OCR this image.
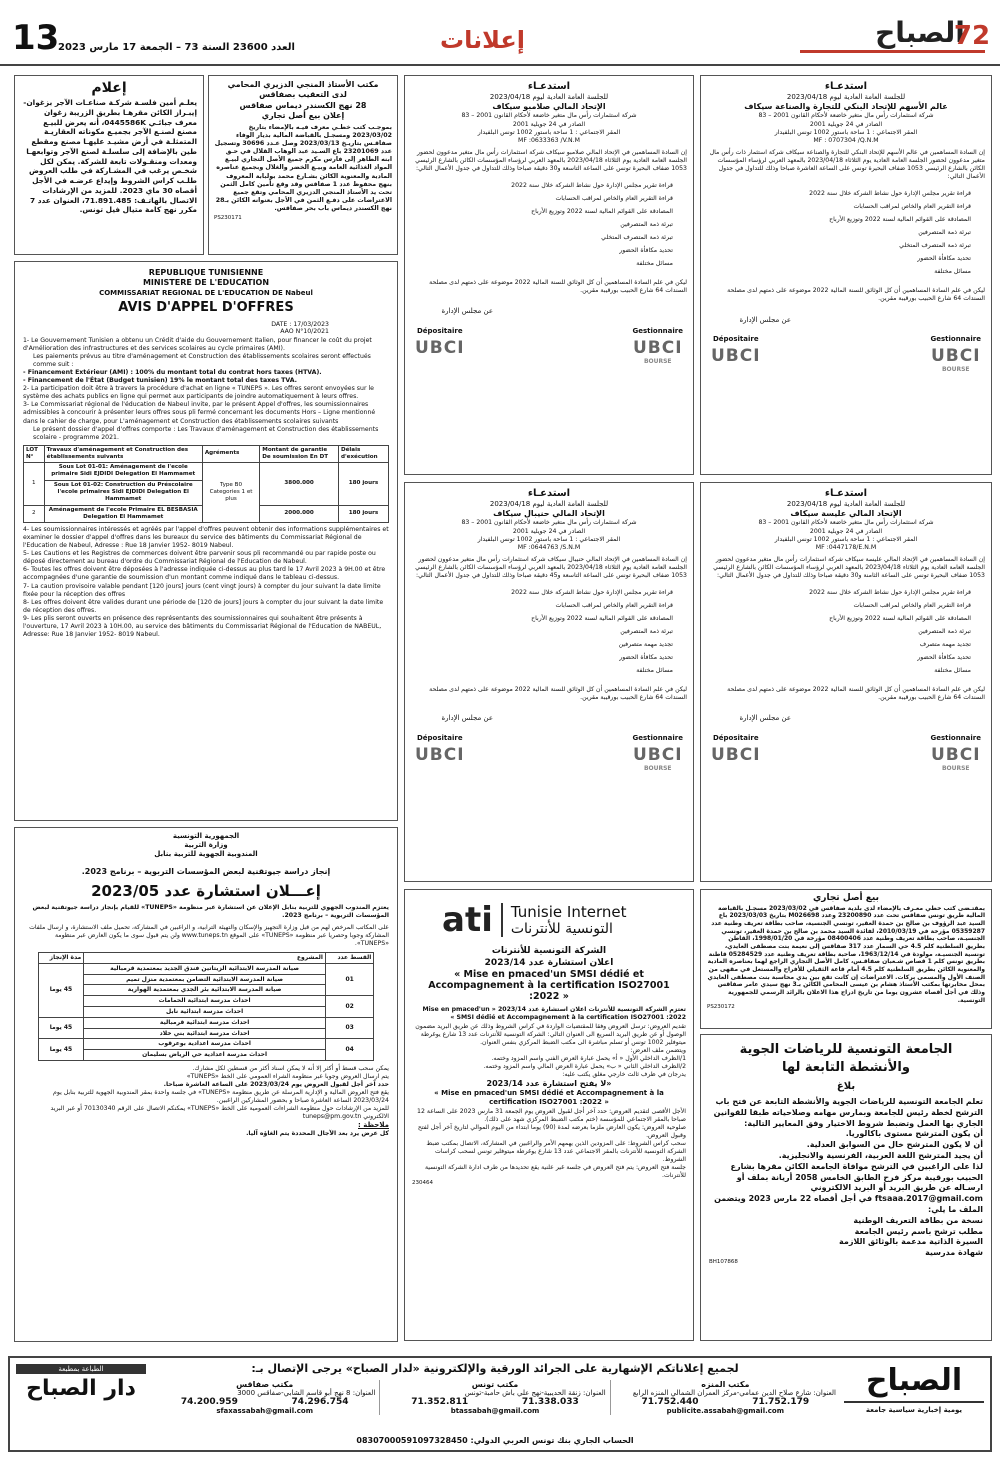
13
العدد 23600 السنة 73 – الجمعة 17 مارس 2023	إعلانات	الصباح
72
استدعـاء
للجلسة العامة العادية ليوم 2023/04/18
عالم الأسهم للإتحاد البنكي للتجارة والصناعة سيكاف
شركة استثمارات رأس مال متغير خاضعة لأحكام القانون 2001 – 83
الصادر في 24 جويلية 2001
المقر الاجتماعي : 1 ساحة باستور 1002 تونس البلفيدار
MF : 0707304 /Q.N.M
إن السادة المساهمين في عالم الأسهم للإتحاد البنكي للتجارة والصناعة سيكاف شركة استثمار ذات رأس مال متغير مدعوون لحضور الجلسة العامة العادية يوم الثلاثاء 2023/04/18 بالمعهد العربي لرؤساء المؤسسات الكائن بالشارع الرئيسي 1053 ضفاف البحيرة تونس على الساعة العاشرة صباحا وذلك للتداول في جدول الأعمال التالي:
قراءة تقرير مجلس الإدارة حول نشاط الشركة خلال سنة 2022
قراءة التقرير العام والخاص لمراقب الحسابات
المصادقة على القوائم المالية لسنة 2022 وتوزيع الأرباح
تبرئة ذمة المتصرفين
تبرئة ذمة المتصرف المتخلي
تحديد مكافأة الحضور
مسائل مختلفة
ليكن في علم السادة المساهمين أن كل الوثائق للسنة المالية 2022 موضوعة على ذمتهم لدى مصلحة السندات 64 شارع الحبيب بورقيبة مقرين.
عن مجلس الإدارة
Dépositaire
UBCI
Gestionnaire
UBCI
BOURSE
استدعـاء
للجلسة العامة العادية ليوم 2023/04/18
الإتحاد المالي صلامبو سيكاف
شركة استثمارات رأس مال متغير خاضعة لأحكام القانون 2001 – 83
الصادر في 24 جويلية 2001
المقر الاجتماعي : 1 ساحة باستور 1002 تونس البلفيدار
MF :0633363 /V.N.M
إن السادة المساهمين في الإتحاد المالي صلامبو سيكاف شركة استثمارات رأس مال متغير مدعوون لحضور الجلسة العامة العادية يوم الثلاثاء 2023/04/18 بالمعهد العربي لرؤساء المؤسسات الكائن بالشارع الرئيسي 1053 ضفاف البحيرة تونس على الساعة التاسعة و30 دقيقة صباحا وذلك للتداول في جدول الأعمال التالي:
قراءة تقرير مجلس الإدارة حول نشاط الشركة خلال سنة 2022
قراءة التقرير العام والخاص لمراقب الحسابات
المصادقة على القوائم المالية لسنة 2022 وتوزيع الأرباح
تبرئة ذمة المتصرفين
تبرئة ذمة المتصرف المتخلي
تحديد مكافأة الحضور
مسائل مختلفة
ليكن في علم السادة المساهمين أن كل الوثائق للسنة المالية 2022 موضوعة على ذمتهم لدى مصلحة السندات 64 شارع الحبيب بورقيبة مقرين.
عن مجلس الإدارة
Dépositaire
UBCI
Gestionnaire
UBCI
BOURSE
استدعـاء
للجلسة العامة العادية ليوم 2023/04/18
الإتحاد المالي عليسة سيكاف
شركة استثمارات رأس مال متغير خاضعة لأحكام القانون 2001 – 83
الصادر في 24 جويلية 2001
المقر الاجتماعي : 1 ساحة باستور 1002 تونس البلفيدار
MF :0447178/E.N.M
إن السادة المساهمين في الإتحاد المالي عليسة سيكاف شركة استثمارات رأس مال متغير مدعوون لحضور الجلسة العامة العادية يوم الثلاثاء 2023/04/18 بالمعهد العربي لرؤساء المؤسسات الكائن بالشارع الرئيسي 1053 ضفاف البحيرة تونس على الساعة الثامنة و30 دقيقة صباحا وذلك للتداول في جدول الأعمال التالي:
قراءة تقرير مجلس الإدارة حول نشاط الشركة خلال سنة 2022
قراءة التقرير العام والخاص لمراقب الحسابات
المصادقة على القوائم المالية لسنة 2022 وتوزيع الأرباح
تبرئة ذمة المتصرفين
تجديد مهمة متصرف
تحديد مكافأة الحضور
مسائل مختلفة
ليكن في علم السادة المساهمين أن كل الوثائق للسنة المالية 2022 موضوعة على ذمتهم لدى مصلحة السندات 64 شارع الحبيب بورقيبة مقرين.
عن مجلس الإدارة
Dépositaire
UBCI
Gestionnaire
UBCI
BOURSE
استدعـاء
للجلسة العامة العادية ليوم 2023/04/18
الإتحاد المالي حنيبال سيكاف
شركة استثمارات رأس مال متغير خاضعة لأحكام القانون 2001 – 83
الصادر في 24 جويلية 2001
المقر الاجتماعي : 1 ساحة باستور 1002 تونس البلفيدار
MF :0644763 /S.N.M
إن السادة المساهمين في الإتحاد المالي حنيبال سيكاف شركة استثمارات رأس مال متغير مدعوون لحضور الجلسة العامة العادية يوم الثلاثاء 2023/04/18 بالمعهد العربي لرؤساء المؤسسات الكائن بالشارع الرئيسي 1053 ضفاف البحيرة تونس على الساعة التاسعة و45 دقيقة صباحا وذلك للتداول في جدول الأعمال التالي:
قراءة تقرير مجلس الإدارة حول نشاط الشركة خلال سنة 2022
قراءة التقرير العام والخاص لمراقب الحسابات
المصادقة على القوائم المالية لسنة 2022 وتوزيع الأرباح
تبرئة ذمة المتصرفين
تجديد مهمة متصرفين
تحديد مكافأة الحضور
مسائل مختلفة
ليكن في علم السادة المساهمين أن كل الوثائق للسنة المالية 2022 موضوعة على ذمتهم لدى مصلحة السندات 64 شارع الحبيب بورقيبة مقرين.
عن مجلس الإدارة
Dépositaire
UBCI
Gestionnaire
UBCI
BOURSE
إعلام
يعلـم أمين فلسـة شركـة صناعـات الآجر بزغوان-إيبـراز الكائن مقرهـا بطريق الزريبة زغوان معرف جبائـي 0445586K، أنه يعرض للبيـع مصنع لصنـع الآجر بجميـع مكوناته العقاريـة المتمثلـة في أرض مشيـد عليهـا مصنع ومقطع طين بالإضافة إلى سلسلـة لصنع الآجر وتوابعهـا ومعدات ومنقـولات تابعة للشركة. يمكن لكل شخـص يرغب في المشـاركة في طلب العروض طلـب كراس الشروط وإيداع عرضـه في الأجل أقصاه 30 ماي 2023. للمزيد من الإرشادات الاتصال بالهاتـف: 71.891.485، العنوان عدد 7 مكرر نهج كامة متيال فيل تونس.
مكتب الأستاذ المنجي الدزيري المحامي
لدى التعقيب بصفاقس
28 نهج الكسندر ديماس صفاقس
إعلان بيع أصل تجاري
بموجـب كتب خطـي معرف فيـه بالإمضاء بتاريخ 2023/03/02 ومسجـل بالقباضة المالية بديار الوفاء صفاقـس بتاريـخ 2023/03/13 وصل عـدد 30696 وتسجيل عدد 23201069 باع السـيد عبد الوهاب القلال في حـق ابنه الطاهر إلى فارس مكرم جميع الأصل التجاري لبيـع المواد الغذائية العامة وبيـع الخضر والغلال وبجميع عناصره المادية والمعنوية الكائن بشـارع محمد بولبابة المعروف بنهج محفوظ عدد 1 صفاقس وقد وقع تأمين كامل الثمن تحت يد الأستاذ المنجي الدزيري المحامي وتقع جميع الاعتراضات على دفـع الثمن في الأجل بعنوانه الكائن بـ28 نهج الكسندر ديماس باب بحر صفاقس.
PS230171
REPUBLIQUE TUNISIENNE
MINISTERE DE L'EDUCATION
COMMISSARIAT REGIONAL DE L'EDUCATION DE Nabeul
AVIS D'APPEL D'OFFRES
DATE : 17/03/2023
AAO N°10/2021
1- Le Gouvernement Tunisien a obtenu un Crédit d'aide du Gouvernement Italien, pour financer le coût du projet d'Amélioration des infrastructures et des services scolaires au cycle primaires (AMI).
Les paiements prévus au titre d'aménagement et Construction des établissements scolaires seront effectués comme suit :
- Financement Extérieur (AMI) : 100% du montant total du contrat hors taxes (HTVA).
- Financement de l'État (Budget tunisien) 19% le montant total des taxes TVA.
2- La participation doit être à travers la procédure d'achat en ligne « TUNEPS ». Les offres seront envoyées sur le système des achats publics en ligne qui permet aux participants de joindre automatiquement à leurs offres.
3- Le Commissariat régional de l'éducation de Nabeul invite, par le présent Appel d'offres, les soumissionnaires admissibles à concourir à présenter leurs offres sous pli fermé concernant les documents Hors – Ligne mentionné dans le cahier de charge, pour L'aménagement et Construction des établissements scolaires suivants
Le présent dossier d'appel d'offres comporte : Les Travaux d'aménagement et Construction des établissements scolaire - programme 2021.
LOT N°	Travaux d'aménagement et Construction des établissements suivants	Agréments	Montant de garantie De soumission En DT	Délais d'exécution
1	Sous Lot 01-01: Aménagement de l'ecole primaire Sidi EJDIDI Delegation El Hammamet	Type B0 Categories 1 et plus	3800.000	180 jours
	Sous Lot 01-02: Construction du Préscolaire l'ecole primaires Sidi EJDIDI Delegation El Hammamet			
2	Aménagement de l'ecole Primaire EL BESBASIA Delegation El Hammamet		2000.000	180 jours
4- Les soumissionnaires intéressés et agréés par l'appel d'offres peuvent obtenir des informations supplémentaires et examiner le dossier d'appel d'offres dans les bureaux du service des bâtiments du Commissariat Régional de l'Education de Nabeul, Adresse : Rue 18 Janvier 1952- 8019 Nabeul.
5- Les Cautions et les Registres de commerces doivent être parvenir sous pli recommandé ou par rapide poste ou déposé directement au bureau d'ordre du Commissariat Régional de l'Education de Nabeul.
6- Toutes les offres doivent être déposées à l'adresse indiquée ci-dessus au plus tard le 17 Avril 2023 à 9H.00 et être accompagnées d'une garantie de soumission d'un montant comme indiqué dans le tableau ci-dessus.
7- La caution provisoire valable pendant [120 jours] jours (cent vingt jours) à compter du jour suivant la date limite fixée pour la réception des offres
8- Les offres doivent être valides durant une période de [120 de jours] jours à compter du jour suivant la date limite de réception des offres.
9- Les plis seront ouverts en présence des représentants des soumissionnaires qui souhaitent être présents à l'ouverture, 17 Avril 2023 à 10H.00, au service des bâtiments du Commissariat Régional de l'Education de NABEUL, Adresse: Rue 18 Janvier 1952- 8019 Nabeul.
الجمهورية التونسية
وزارة التربية
المندوبية الجهوية للتربية بنابل
إنجاز دراسة جيوتقنية لبعض المؤسسات التربوية – برنامج 2023.
إعـــلان استشارة عدد 2023/05
يعتزم المندوب الجهوي للتربية بنابل الإعلان عن استشارة عبر منظومة «TUNEPS» للقيام بإنجاز دراسة جيوتقنية لبعض المؤسسات التربوية – برنامج 2023.
على المكاتب المرخص لهم من قبل وزارة التجهيز والإسكان والتهيئة الترابية، و الراغبين في المشاركة، تحميل ملف الاستشارة، و ارسال ملفات المشاركة وجوبا وحصريا عبر منظومة «TUNEPS» على الموقع www.tuneps.tn ولن يتم قبول سوى ما يكون العارض عبر منظومة «TUNEPS».
القسط عدد	المشروع	مدة الإنجاز
01	صيانة المدرسة الابتدائية الزيتاتين فندق الجديد بمعتمدية قرمبالية	45 يوما
	صيانة المدرسة الابتدائية التضامن بمعتمدية منزل تميم	
	صيانة المدرسة الابتدائية بئر الجدي بمعتمدية الهوارية	
02	احداث مدرسة ابتدائية الحمامات	
	احداث مدرسة ابتدائية نابل	
03	احداث مدرسة ابتدائية قرمبالية	45 يوما
	احداث مدرسة ابتدائية بني خلاد	
04	احداث مدرسة اعدادية بوعرقوب	45 يوما
	احداث مدرسة اعدادية حي الرياض بسليمان	
يمكن سحب قسط أو أكثر إلا أنه لا يمكن اسناد أكثر من قسطين لكل مشارك.
يتم ارسال العروض وجوبا عبر منظومة الشراء العمومي على الخط «TUNEPS»
حدد آخر أجل لقبول العروض يوم 2023/03/24 على الساعة العاشرة صباحا.
يقع فتح العروض المالية و الإدارية المرسلة عن طريق منظومة «TUNEPS» في جلسة واحدة بمقر المندوبية الجهوية للتربية بنابل يوم 2023/03/24 الساعة العاشرة صباحا و بحضور المشاركين الراغبين.
للمزيد من الإرشادات حول منظومة الشراءات العمومية على الخط «TUNEPS» يمكنكم الاتصال على الرقم 70130340 أو عبر البريد الالكتروني tuneps@pm.gov.tn
ملاحظة :
كل عرض يرد بعد الآجال المحددة يتم الغاؤه آليا.
ati Tunisie Internet
التونسية للأنترنات
الشركة التونسية للأنترنات
اعلان استشارة عدد 2023/14
« Mise en pmaced'un SMSI dédié et Accompagnement à la certification ISO27001 :2022 »
تعتزم الشركة التونسية للأنترنات اعلان استشارة عدد 2023/14 « Mise en pmaced'un SMSI dédié et Accompagnement à la certification ISO27001 :2022 »
تقديم العروض: ترسل العروض وفقا للمقتضيات الواردة في كراس الشروط وذلك عن طريق البريد مضمون الوصول أو عن طريق البريد السريع الى العنوان التالي: الشركة التونسية للأنترنات عدد 13 شارع يوغرطة ميتوفلير 1002 تونس أو تسلم مباشرة الى مكتب الضبط المركزي بنفس العنوان.
ويتضمن ملف العرض:
1/الظرف الداخلي الأول « أ» يحمل عبارة العرض الفني واسم المزود وختمه.
2/الظرف الداخلي الثاني « ب» يحمل عبارة العرض المالي واسم المزود وختمه.
يدرجان في ظرف ثالث خارجي مغلق يكتب عليه:
«لا يفتح استشارة عدد 2023/14
« Mise en pmaced'un SMSI dédié et Accompagnement à la certification ISO27001 :2022 »
الأجل الأقصى لتقديم العروض: حدد آخر أجل لقبول العروض يوم الجمعة 31 مارس 2023 على الساعة 12 صباحا بالمقر الاجتماعي للمؤسسة (ختم مكتب الضبط المركزي شهد على ذلك).
صلوحية العروض: يكون العارض ملزما بعرضه لمدة (90) يوما ابتداء من اليوم الموالي لتاريخ آخر أجل لفتح وقبول العروض.
سحب كراس الشروط: على المزودين الذين يهمهم الأمر والراغبين في المشاركة، الاتصال بمكتب ضبط الشركة التونسية للأنترنات بالمقر الاجتماعي عدد 13 شارع يوغرطة ميتوفلير تونس لسحب كراسات الشروط.
جلسة فتح العروض: يتم فتح العروض في جلسة غير علنية يقع تحديدها من طرف ادارة الشركة التونسية للأنترنات.
230464
بيع أصل تجاري
بمقتـضى كتب خطي معـرف بالإمضاء لدى بلدية صفاقس في 2023/03/02 مسجـل بالقباضة المالية طريق تونس صفاقس تحت عدد 23200890 وعدد M026698 بتاريخ 2023/03/03 باع السيد عبد الرؤوف بن صالح بن حمدة العقير، تونسي الجنسية، صاحب بطاقة تعريف وطنية عدد 05359287 مؤرخة في 2010/03/19، لفائدة السيد محمد بن صالح بن حمدة العقير، تونسي الجنسيـة، صاحب بطاقة تعريف وطنية عدد 08400406 مؤرخة في 1998/01/20، القاطن بطريق السلطنية كلم 4.5 حي السمار عدد 317 صفاقس إلى نعيمة بنت مصطفى العايدي، تونسية الجنسيـة، مولودة في 1963/12/14، صاحبة بطاقة تعريف وطنية عدد 05284529 قاطنة بطريق تونس كلم 1 قصاص شـعبان صفاقـس، كامل الأصل التجاري الراجع لهما بعناصره المادية والمعنوية الكائن بطريق السلطنية كلم 4.5 أمام قاعة الثقيلي للأفراح والمستغل في مقهى من الصنف الأول والمسمى بركات. الاعتراضات إن كانت تقع بين يدي محاسبة بنت مصطفى العايدي بمحل مخابرتها بمكتب الأستاذ هشام بن عيسى المحامي الكائن بـ3 نهج سيدي عامر صفاقس وذلك في أجل أقصاه عشرون يوما من تاريخ ادراج هذا الاعلان بالرائد الرسمي للجمهورية التونسية.
PS230172
الجامعة التونسية للرياضات الجوية والأنشطة التابعة لها
بلاغ
تعلم الجامعة التونسية للرياضات الجوية والأنشطة التابعة عن فتح باب الترشح لخطة رئيس للجامعة وبمارس مهامه وصلاحياته طبقا للقوانين الجاري بها العمل وتضبط شروط الاختيار وفق المعايير التالية:
أن يكون المترشح مستوى باكالوريا.
أن لا يكون المترشح خال من السوابق العدلية.
أن يجيد المترشح اللغة العربية، الفرنسية والانجليزية.
لذا على الراغبين في الترشح موافاة الجامعة الكائن مقرها بشارع الحبيب بورقيبة مركز فرح الطابق الخامس 2058 أريانة بملف أو ارسـاله عن طريق البريد أو البريد الالكتروني ftsaaa.2017@gmail.com في أجل أقصاه 22 مارس 2023 ويتضمن الملف ما يلي:
نسخة من بطاقة التعريف الوطنية
مطلب ترشح باسم رئيس الجامعة
السيرة الذاتية مدعمة بالوثائق اللازمة
شهادة مدرسية
BH107868
الصباح
يومية إخبارية سياسية جامعة
لجميع إعلاناتكم الإشهارية على الجرائد الورقية والإلكترونية «لدار الصباح» يرجى الإتصال بـ:
مكتب المنزه
العنوان: شارع صلاح الدين عمامي-مركز العمران الشمالي المنزه الرابع
71.752.179
71.752.440
publicite.assabah@gmail.com
مكتب تونس
العنوان: زنقة الحديبية-نهج علي باش حامبة-تونس
71.338.033
71.352.811
btassabah@gmail.com
مكتب صفاقس
العنوان: 8 نهج أبو قاسم الشابي-صفاقس 3000
74.296.754
74.200.959
sfaxassabah@gmail.com
الحساب الجاري بنك تونس العربي الدولي: 08307000591097328450
الطباعة بمطبعة
دار الصباح
